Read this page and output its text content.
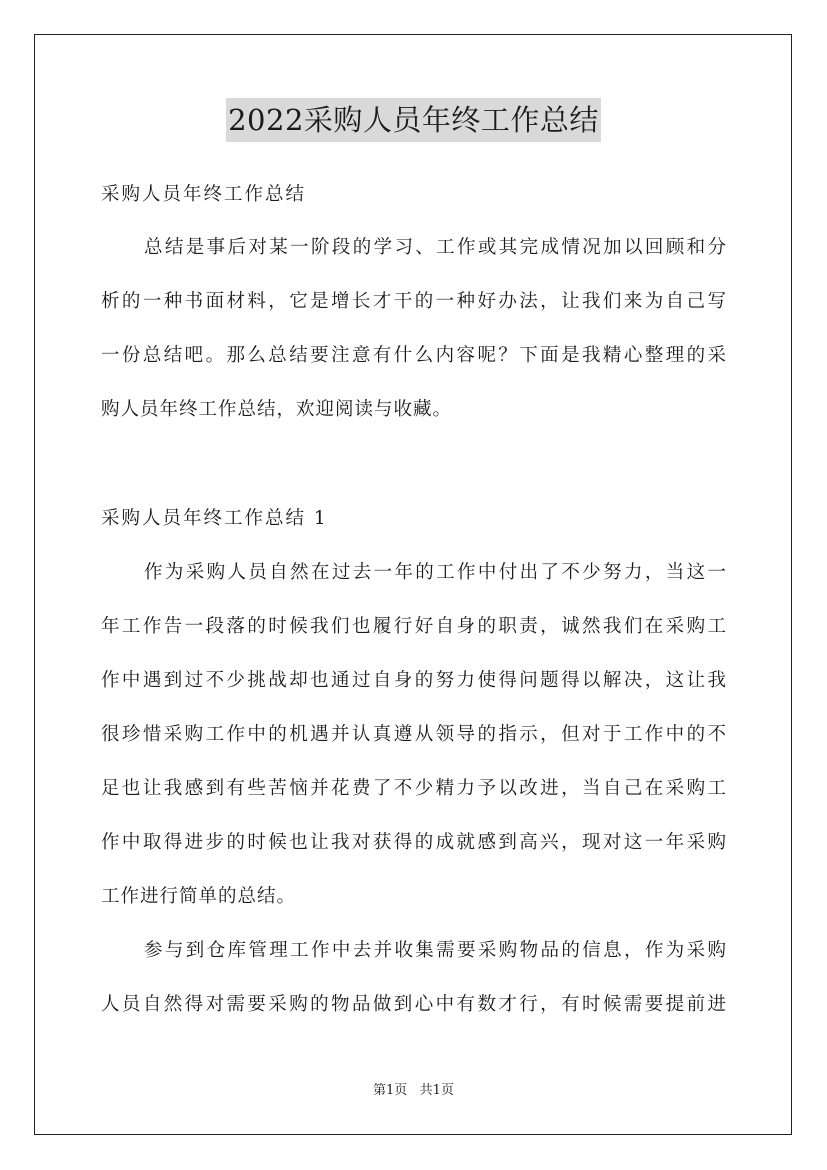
2022采购人员年终工作总结
采购人员年终工作总结
总结是事后对某一阶段的学习、工作或其完成情况加以回顾和分
析的一种书面材料，它是增长才干的一种好办法，让我们来为自己写
一份总结吧。那么总结要注意有什么内容呢？下面是我精心整理的采
购人员年终工作总结，欢迎阅读与收藏。
采购人员年终工作总结 1
作为采购人员自然在过去一年的工作中付出了不少努力，当这一
年工作告一段落的时候我们也履行好自身的职责，诚然我们在采购工
作中遇到过不少挑战却也通过自身的努力使得问题得以解决，这让我
很珍惜采购工作中的机遇并认真遵从领导的指示，但对于工作中的不
足也让我感到有些苦恼并花费了不少精力予以改进，当自己在采购工
作中取得进步的时候也让我对获得的成就感到高兴，现对这一年采购
工作进行简单的总结。
参与到仓库管理工作中去并收集需要采购物品的信息，作为采购
人员自然得对需要采购的物品做到心中有数才行，有时候需要提前进
第1页   共1页
